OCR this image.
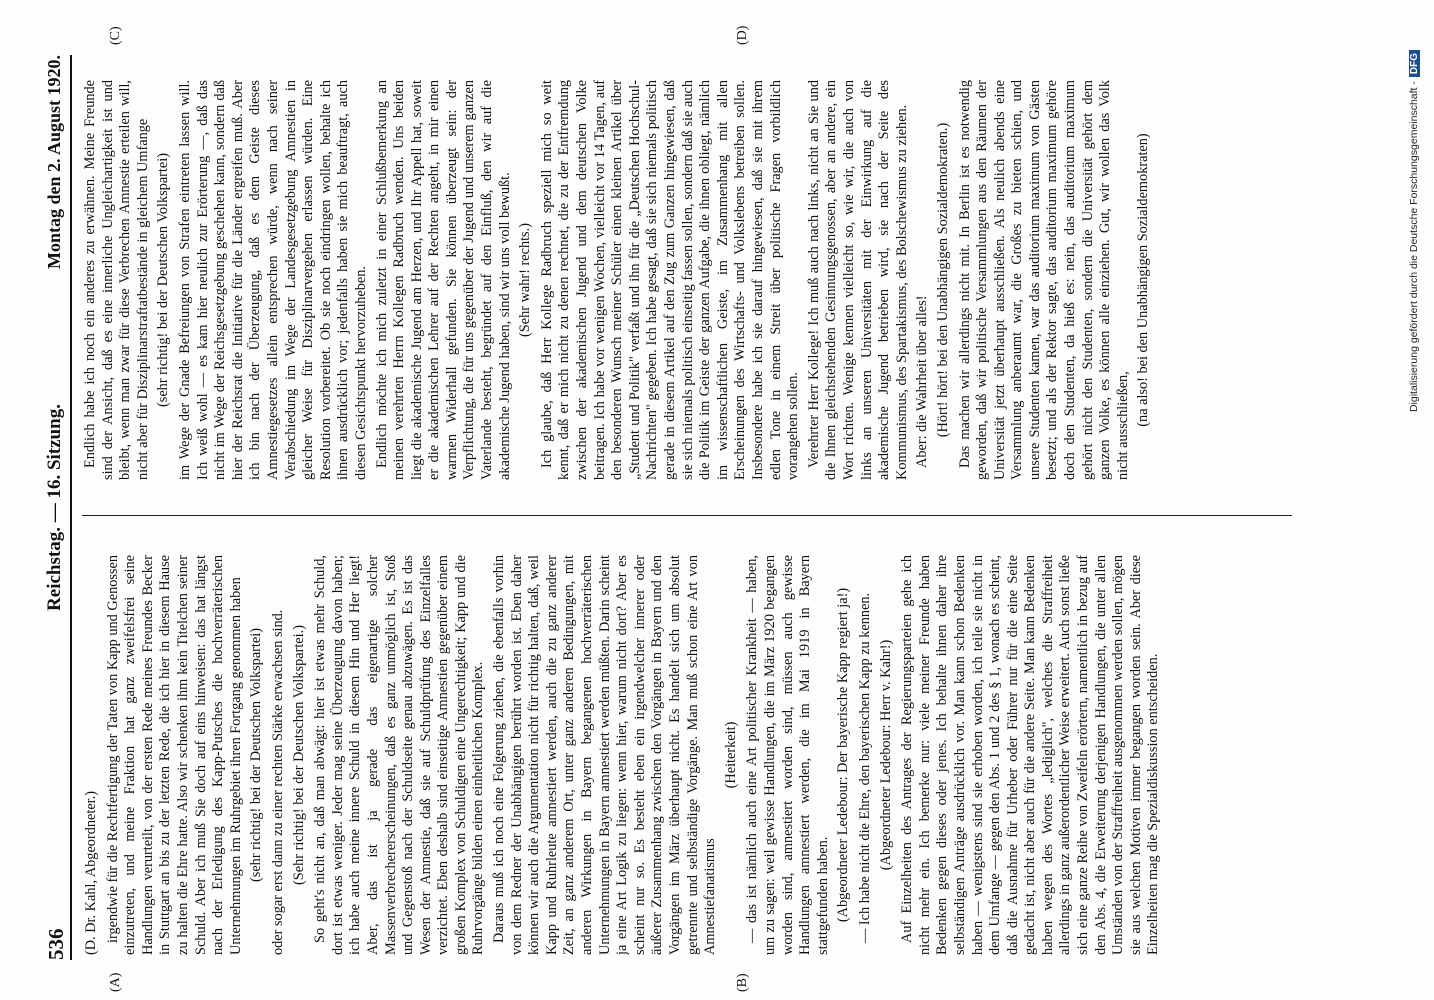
536
Reichstag. — 16. Sitzung.
Montag den 2. August 1920.
(A)	(B)
(C)	(D)

(D. Dr. Kahl, Abgeordneter.) irgendwie für die Rechtfertigung der Taten von Kapp und Genossen einzutreten, und meine Fraktion hat ganz zweifelsfrei seine Handlungen verurteilt, von der ersten Rede meines Freundes Becker in Stuttgart an bis zu der letzten Rede, die ich hier in diesem Hause zu halten die Ehre hatte. Also wir schenken ihm kein Titelchen seiner Schuld. Aber ich muß Sie doch auf eins hinweisen: das hat längst nach der Erledigung des Kapp-Putsches die hochverräterischen Unternehmungen im Ruhrgebiet ihren Fortgang genommen haben (sehr richtig! bei der Deutschen Volkspartei) oder sogar erst dann zu einer rechten Stärke erwachsen sind. (Sehr richtig! bei der Deutschen Volkspartei.) So geht's nicht an, daß man abwägt: hier ist etwas mehr Schuld, dort ist etwas weniger. Jeder mag seine Überzeugung davon haben; ich habe auch meine innere Schuld in diesem Hin und Her liegt! Aber, das ist ja gerade das eigenartige solcher Massenverbrechererscheinungen, daß es ganz unmöglich ist, Stoß und Gegenstoß nach der Schuldseite genau abzuwägen. Es ist das Wesen der Amnestie, daß sie auf Schuldprüfung des Einzelfalles verzichtet. Eben deshalb sind einseitige Amnestien gegenüber einem großen Komplex von Schuldigen eine Ungerechtigkeit; Kapp und die Ruhrvorgänge bilden einen einheitlichen Komplex. Daraus muß ich noch eine Folgerung ziehen, die ebenfalls vorhin von dem Redner der Unabhängigen berührt worden ist. Eben daher können wir auch die Argumentation nicht für richtig halten, daß, weil Kapp und Ruhrleute amnestiert werden, auch die zu ganz anderer Zeit, an ganz anderem Ort, unter ganz anderen Bedingungen, mit anderen Wirkungen in Bayern begangenen hochverräterischen Unternehmungen in Bayern amnestiert werden müßten. Darin scheint ja eine Art Logik zu liegen: wenn hier, warum nicht dort? Aber es scheint nur so. Es besteht eben ein irgendwelcher innerer oder äußerer Zusammenhang zwischen den Vorgängen in Bayern und den Vorgängen im März überhaupt nicht. Es handelt sich um absolut getrennte und selbständige Vorgänge. Man muß schon eine Art von Amnestiefanatismus

(Heiterkeit) — das ist nämlich auch eine Art politischer Krankheit — haben, um zu sagen: weil gewisse Handlungen, die im März 1920 begangen worden sind, amnestiert worden sind, müssen auch gewisse Handlungen amnestiert werden, die im Mai 1919 in Bayern stattgefunden haben. (Abgeordneter Ledebour: Der bayerische Kapp regiert ja!) — Ich habe nicht die Ehre, den bayerischen Kapp zu kennen. (Abgeordneter Ledebour: Herr v. Kahr!) Auf Einzelheiten des Antrages der Regierungsparteien gehe ich nicht mehr ein. Ich bemerke nur: viele meiner Freunde haben Bedenken gegen dieses oder jenes. Ich behalte ihnen daher ihre selbständigen Anträge ausdrücklich vor. Man kann schon Bedenken haben — wenigstens sind sie erhoben worden, ich teile sie nicht in dem Umfange — gegen den Abs. 1 und 2 des § 1, wonach es scheint, daß die Ausnahme für Urheber oder Führer nur für die eine Seite gedacht ist, nicht aber auch für die andere Seite. Man kann Bedenken haben wegen des Wortes „lediglich", welches die Straffreiheit allerdings in ganz außerordentlicher Weise erweitert. Auch sonst ließe sich eine ganze Reihe von Zweifeln erörtern, namentlich in bezug auf den Abs. 4, die Erweiterung derjenigen Handlungen, die unter allen Umständen von der Straffreiheit ausgenommen werden sollen, mögen sie aus welchen Motiven immer begangen worden sein. Aber diese Einzelheiten mag die Spezialdiskussion entscheiden.

Endlich habe ich noch ein anderes zu erwähnen. Meine Freunde sind der Ansicht, daß es eine innerliche Ungleichartigkeit ist und bleibt, wenn man zwar für diese Verbrechen Amnestie erteilen will, nicht aber für Disziplinarstraftatbestände in gleichem Umfange (sehr richtig! bei der Deutschen Volkspartei) im Wege der Gnade Befreiungen von Strafen eintreten lassen will. Ich weiß wohl — es kam hier neulich zur Erörterung —, daß das nicht im Wege der Reichsgesetzgebung geschehen kann, sondern daß hier der Reichsrat die Initiative für die Länder ergreifen muß. Aber ich bin nach der Überzeugung, daß es dem Geiste dieses Amnestiegesetzes allein entsprechen würde, wenn nach seiner Verabschiedung im Wege der Landesgesetzgebung Amnestien in gleicher Weise für Disziplinarvergehen erlassen würden. Eine Resolution vorbereitet. Ob sie noch eindringen wollen, behalte ich ihnen ausdrücklich vor; jedenfalls haben sie mich beauftragt, auch diesen Gesichtspunkt hervorzuheben. Endlich möchte ich mich zuletzt in einer Schlußbemerkung an meinen verehrten Herrn Kollegen Radbruch wenden. Uns beiden liegt die akademische Jugend am Herzen, und Ihr Appell hat, soweit er die akademischen Lehrer auf der Rechten angeht, in mir einen warmen Widerhall gefunden. Sie können überzeugt sein: der Verpflichtung, die für uns gegenüber der Jugend und unserem ganzen Vaterlande besteht, begründet auf den Einfluß, den wir auf die akademische Jugend haben, sind wir uns voll bewußt. (Sehr wahr! rechts.) Ich glaube, daß Herr Kollege Radbruch speziell mich so weit kennt, daß er mich nicht zu denen rechnet, die zu der Entfremdung zwischen der akademischen Jugend und dem deutschen Volke beitragen. Ich habe vor wenigen Wochen, vielleicht vor 14 Tagen, auf den besonderen Wunsch meiner Schüler einen kleinen Artikel über „Student und Politik" verfaßt und ihn für die „Deutschen Hochschul-Nachrichten" gegeben. Ich habe gesagt, daß sie sich niemals politisch gerade in diesem Artikel auf den Zug zum Ganzen hingewiesen, daß sie sich niemals politisch einseitig fassen sollen, sondern daß sie auch die Politik im Geiste der ganzen Aufgabe, die ihnen obliegt, nämlich im wissenschaftlichen Geiste, im Zusammenhang mit allen Erscheinungen des Wirtschafts- und Volkslebens betreiben sollen. Insbesondere habe ich sie darauf hingewiesen, daß sie mit ihrem edlen Tone in einem Streit über politische Fragen vorbildlich vorangehen sollen. Verehrter Herr Kollege! Ich muß auch nach links, nicht an Sie und die Ihnen gleichstehenden Gesinnungsgenossen, aber an andere, ein Wort richten. Wenige kennen vielleicht so, wie wir, die auch von links an unseren Universitäten mit der Einwirkung auf die akademische Jugend betrieben wird, sie nach der Seite des Kommunismus, des Spartakismus, des Bolschewismus zu ziehen. Aber: die Wahrheit über alles! (Hört! hört! bei den Unabhängigen Sozialdemokraten.) Das machen wir allerdings nicht mit. In Berlin ist es notwendig geworden, daß wir politische Versammlungen aus den Räumen der Universität jetzt überhaupt ausschließen. Als neulich abends eine Versammlung anberaumt war, die Großes zu bieten schien, und unsere Studenten kamen, war das auditorium maximum von Gästen besetzt; und als der Rektor sagte, das auditorium maximum gehöre doch den Studenten, da hieß es: nein, das auditorium maximum gehört nicht den Studenten, sondern die Universität gehört dem ganzen Volke, es können alle einziehen. Gut, wir wollen das Volk nicht ausschließen, (na also! bei den Unabhängigen Sozialdemokraten)	Digitalisierung gefördert durch die Deutsche Forschungsgemeinschaft -DFG
